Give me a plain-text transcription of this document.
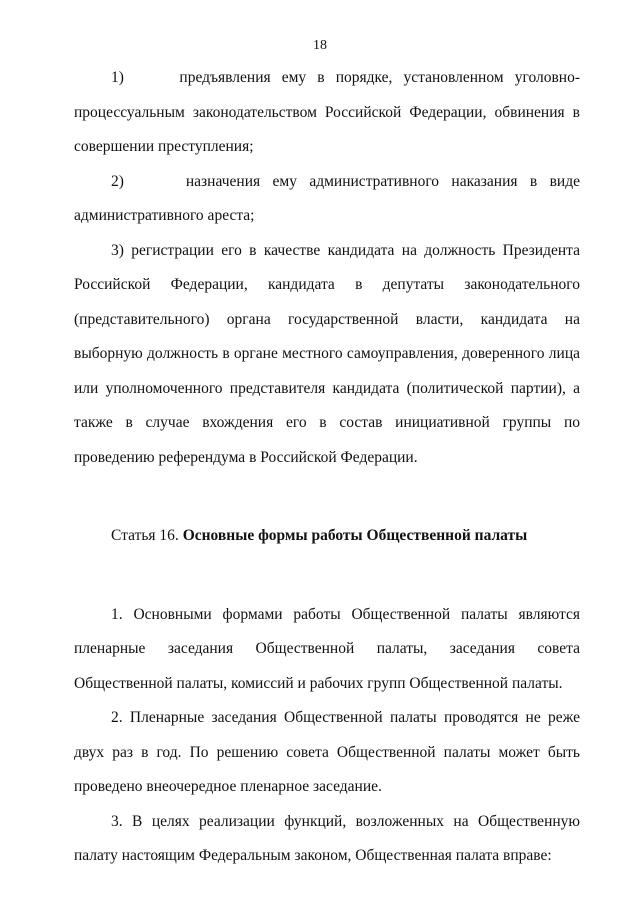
18

1)     предъявления ему в порядке, установленном уголовно-процессуальным законодательством Российской Федерации, обвинения в совершении преступления;

2)     назначения ему административного наказания в виде административного ареста;

3) регистрации его в качестве кандидата на должность Президента Российской Федерации, кандидата в депутаты законодательного (представительного) органа государственной власти, кандидата на выборную должность в органе местного самоуправления, доверенного лица или уполномоченного представителя кандидата (политической партии), а также в случае вхождения его в состав инициативной группы по проведению референдума в Российской Федерации.

Статья 16. Основные формы работы Общественной палаты

1. Основными формами работы Общественной палаты являются пленарные заседания Общественной палаты, заседания совета Общественной палаты, комиссий и рабочих групп Общественной палаты.

2. Пленарные заседания Общественной палаты проводятся не реже двух раз в год. По решению совета Общественной палаты может быть проведено внеочередное пленарное заседание.

3. В целях реализации функций, возложенных на Общественную палату настоящим Федеральным законом, Общественная палата вправе:
